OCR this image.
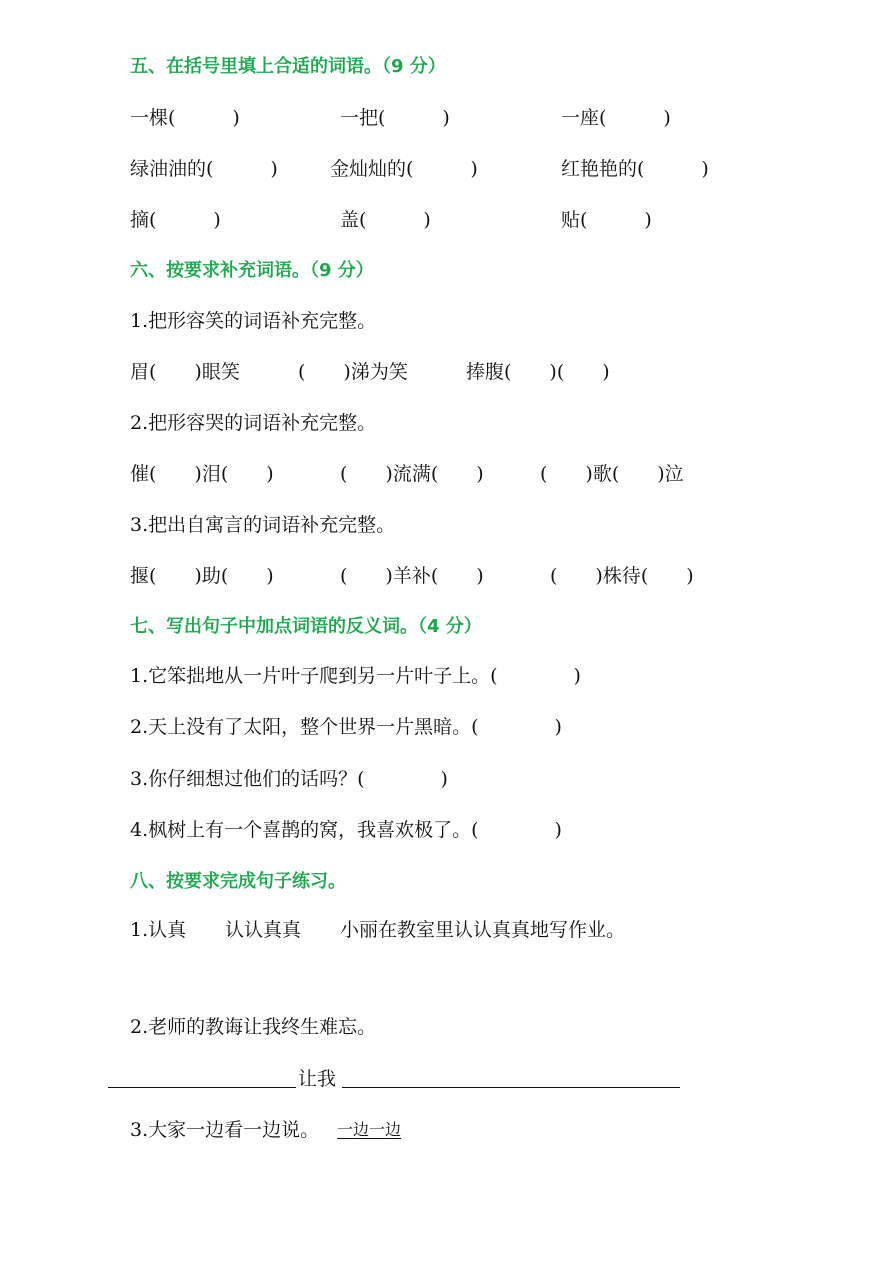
五、在括号里填上合适的词语。（9 分）
一棵(　　　)	一把(　　　)	一座(　　　)
绿油油的(　　　)	金灿灿的(　　　)	红艳艳的(　　　)
摘(　　　)	盖(　　　)	贴(　　　)
六、按要求补充词语。（9 分）
1.把形容笑的词语补充完整。
眉(　　)眼笑	(　　)涕为笑	捧腹(　　)(　　)
2.把形容哭的词语补充完整。
催(　　)泪(　　)	(　　)流满(　　)	(　　)歌(　　)泣
3.把出自寓言的词语补充完整。
揠(　　)助(　　)	(　　)羊补(　　)	(　　)株待(　　)
七、写出句子中加点词语的反义词。（4 分）
1.它笨拙地从一片叶子爬到另一片叶子上。(　　　　)
2.天上没有了太阳，整个世界一片黑暗。(　　　　)
3.你仔细想过他们的话吗？(　　　　)
4.枫树上有一个喜鹊的窝，我喜欢极了。(　　　　)
八、按要求完成句子练习。
1.认真 认认真真 小丽在教室里认认真真地写作业。
2.老师的教诲让我终生难忘。
让我
3.大家一边看一边说。 一边一边
